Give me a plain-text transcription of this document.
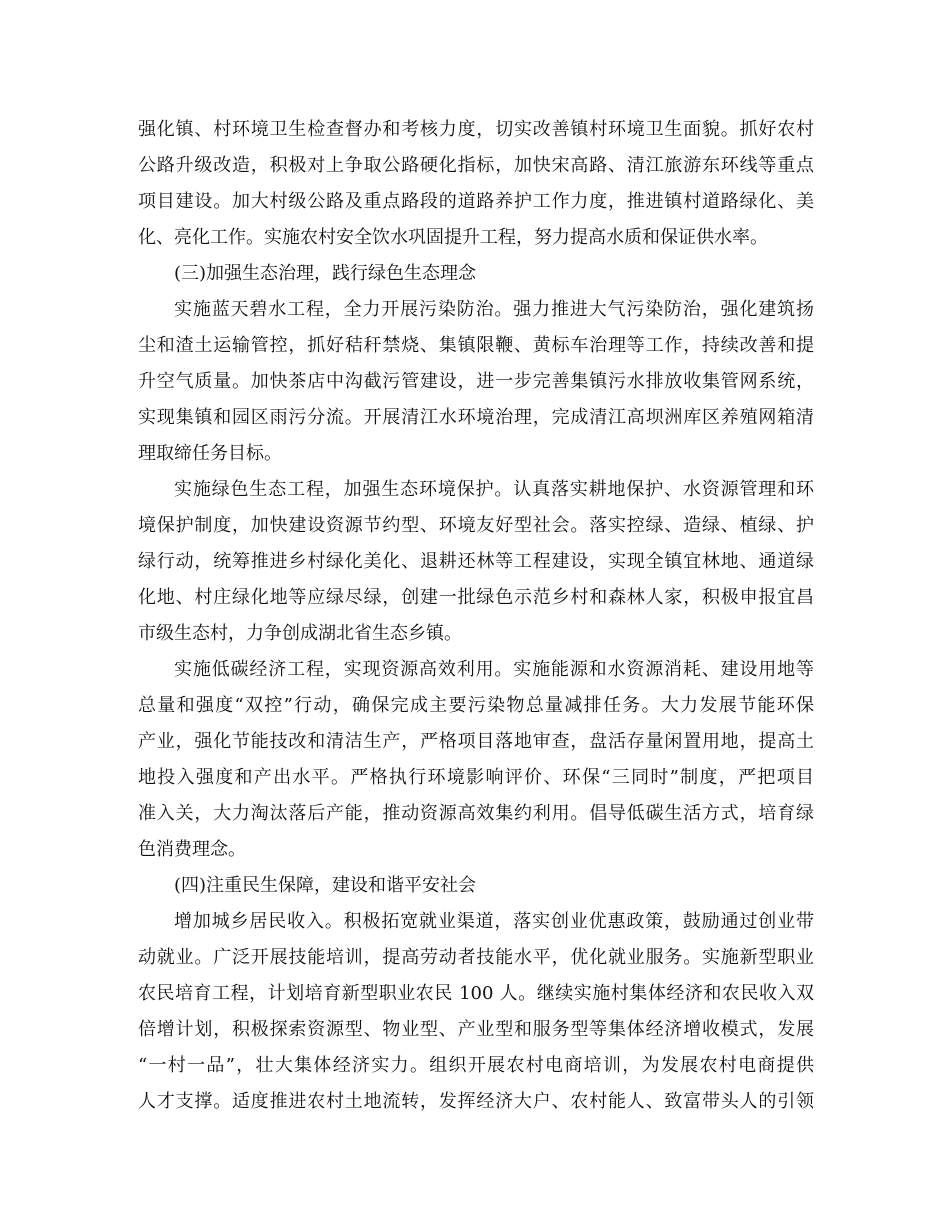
强化镇、村环境卫生检查督办和考核力度，切实改善镇村环境卫生面貌。抓好农村
公路升级改造，积极对上争取公路硬化指标，加快宋高路、清江旅游东环线等重点
项目建设。加大村级公路及重点路段的道路养护工作力度，推进镇村道路绿化、美
化、亮化工作。实施农村安全饮水巩固提升工程，努力提高水质和保证供水率。
(三)加强生态治理，践行绿色生态理念
实施蓝天碧水工程，全力开展污染防治。强力推进大气污染防治，强化建筑扬
尘和渣土运输管控，抓好秸秆禁烧、集镇限鞭、黄标车治理等工作，持续改善和提
升空气质量。加快茶店中沟截污管建设，进一步完善集镇污水排放收集管网系统，
实现集镇和园区雨污分流。开展清江水环境治理，完成清江高坝洲库区养殖网箱清
理取缔任务目标。
实施绿色生态工程，加强生态环境保护。认真落实耕地保护、水资源管理和环
境保护制度，加快建设资源节约型、环境友好型社会。落实控绿、造绿、植绿、护
绿行动，统筹推进乡村绿化美化、退耕还林等工程建设，实现全镇宜林地、通道绿
化地、村庄绿化地等应绿尽绿，创建一批绿色示范乡村和森林人家，积极申报宜昌
市级生态村，力争创成湖北省生态乡镇。
实施低碳经济工程，实现资源高效利用。实施能源和水资源消耗、建设用地等
总量和强度“双控”行动，确保完成主要污染物总量减排任务。大力发展节能环保
产业，强化节能技改和清洁生产，严格项目落地审查，盘活存量闲置用地，提高土
地投入强度和产出水平。严格执行环境影响评价、环保“三同时”制度，严把项目
准入关，大力淘汰落后产能，推动资源高效集约利用。倡导低碳生活方式，培育绿
色消费理念。
(四)注重民生保障，建设和谐平安社会
增加城乡居民收入。积极拓宽就业渠道，落实创业优惠政策，鼓励通过创业带
动就业。广泛开展技能培训，提高劳动者技能水平，优化就业服务。实施新型职业
农民培育工程，计划培育新型职业农民 100 人。继续实施村集体经济和农民收入双
倍增计划，积极探索资源型、物业型、产业型和服务型等集体经济增收模式，发展
“一村一品”，壮大集体经济实力。组织开展农村电商培训，为发展农村电商提供
人才支撑。适度推进农村土地流转，发挥经济大户、农村能人、致富带头人的引领
